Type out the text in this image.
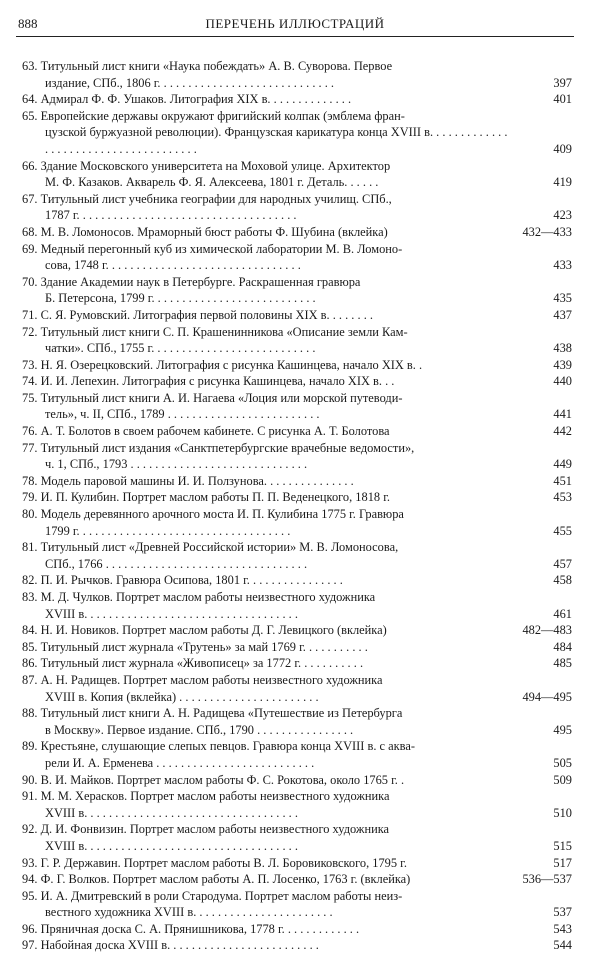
888	ПЕРЕЧЕНЬ ИЛЛЮСТРАЦИЙ
63. Титульный лист книги «Наука побеждать» А. В. Суворова. Первое
издание, СПб., 1806 г. . . . . . . . . . . . . . . . . . . . . . . . . . . . .	397
64. Адмирал Ф. Ф. Ушаков. Литография XIX в. . . . . . . . . . . . . .	401
65. Европейские державы окружают фригийский колпак (эмблема фран-
цузской буржуазной революции). Французская карикатура конца XVIII в. . . . . . . . . . . . . . . . . . . . . . . . . . . . . . . . . . . . . .	409
66. Здание Московского университета на Моховой улице. Архитектор
М. Ф. Казаков. Акварель Ф. Я. Алексеева, 1801 г. Деталь. . . . . .	419
67. Титульный лист учебника географии для народных училищ. СПб.,
1787 г. . . . . . . . . . . . . . . . . . . . . . . . . . . . . . . . . . . .	423
68. М. В. Ломоносов. Мраморный бюст работы Ф. Шубина (вклейка)	432—433
69. Медный перегонный куб из химической лаборатории М. В. Ломоно-
сова, 1748 г. . . . . . . . . . . . . . . . . . . . . . . . . . . . . . . .	433
70. Здание Академии наук в Петербурге. Раскрашенная гравюра
Б. Петерсона, 1799 г. . . . . . . . . . . . . . . . . . . . . . . . . . .	435
71. С. Я. Румовский. Литография первой половины XIX в. . . . . . . .	437
72. Титульный лист книги С. П. Крашенинникова «Описание земли Кам-
чатки». СПб., 1755 г. . . . . . . . . . . . . . . . . . . . . . . . . . .	438
73. Н. Я. Озерецковский. Литография с рисунка Кашинцева, начало XIX в. .	439
74. И. И. Лепехин. Литография с рисунка Кашинцева, начало XIX в. . .	440
75. Титульный лист книги А. И. Нагаева «Лоция или морской путеводи-
тель», ч. II, СПб., 1789 . . . . . . . . . . . . . . . . . . . . . . . . .	441
76. А. Т. Болотов в своем рабочем кабинете. С рисунка А. Т. Болотова	442
77. Титульный лист издания «Санктпетербургские врачебные ведомости»,
ч. 1, СПб., 1793 . . . . . . . . . . . . . . . . . . . . . . . . . . . . .	449
78. Модель паровой машины И. И. Ползунова. . . . . . . . . . . . . . .	451
79. И. П. Кулибин. Портрет маслом работы П. П. Веденецкого, 1818 г.	453
80. Модель деревянного арочного моста И. П. Кулибина 1775 г. Гравюра
1799 г. . . . . . . . . . . . . . . . . . . . . . . . . . . . . . . . . . .	455
81. Титульный лист «Древней Российской истории» М. В. Ломоносова,
СПб., 1766 . . . . . . . . . . . . . . . . . . . . . . . . . . . . . . . . .	457
82. П. И. Рычков. Гравюра Осипова, 1801 г. . . . . . . . . . . . . . . .	458
83. М. Д. Чулков. Портрет маслом работы неизвестного художника
XVIII в. . . . . . . . . . . . . . . . . . . . . . . . . . . . . . . . . . .	461
84. Н. И. Новиков. Портрет маслом работы Д. Г. Левицкого (вклейка)	482—483
85. Титульный лист журнала «Трутень» за май 1769 г. . . . . . . . . . .	484
86. Титульный лист журнала «Живописец» за 1772 г. . . . . . . . . . .	485
87. А. Н. Радищев. Портрет маслом работы неизвестного художника
XVIII в. Копия (вклейка) . . . . . . . . . . . . . . . . . . . . . . .	494—495
88. Титульный лист книги А. Н. Радищева «Путешествие из Петербурга
в Москву». Первое издание. СПб., 1790 . . . . . . . . . . . . . . . .	495
89. Крестьяне, слушающие слепых певцов. Гравюра конца XVIII в. с аква-
рели И. А. Ерменева . . . . . . . . . . . . . . . . . . . . . . . . . .	505
90. В. И. Майков. Портрет маслом работы Ф. С. Рокотова, около 1765 г. .	509
91. М. М. Херасков. Портрет маслом работы неизвестного художника
XVIII в. . . . . . . . . . . . . . . . . . . . . . . . . . . . . . . . . . .	510
92. Д. И. Фонвизин. Портрет маслом работы неизвестного художника
XVIII в. . . . . . . . . . . . . . . . . . . . . . . . . . . . . . . . . . .	515
93. Г. Р. Державин. Портрет маслом работы В. Л. Боровиковского, 1795 г.	517
94. Ф. Г. Волков. Портрет маслом работы А. П. Лосенко, 1763 г. (вклейка)	536—537
95. И. А. Дмитревский в роли Стародума. Портрет маслом работы неиз-
вестного художника XVIII в. . . . . . . . . . . . . . . . . . . . . . .	537
96. Пряничная доска С. А. Прянишникова, 1778 г. . . . . . . . . . . . .	543
97. Набойная доска XVIII в. . . . . . . . . . . . . . . . . . . . . . . . .	544
